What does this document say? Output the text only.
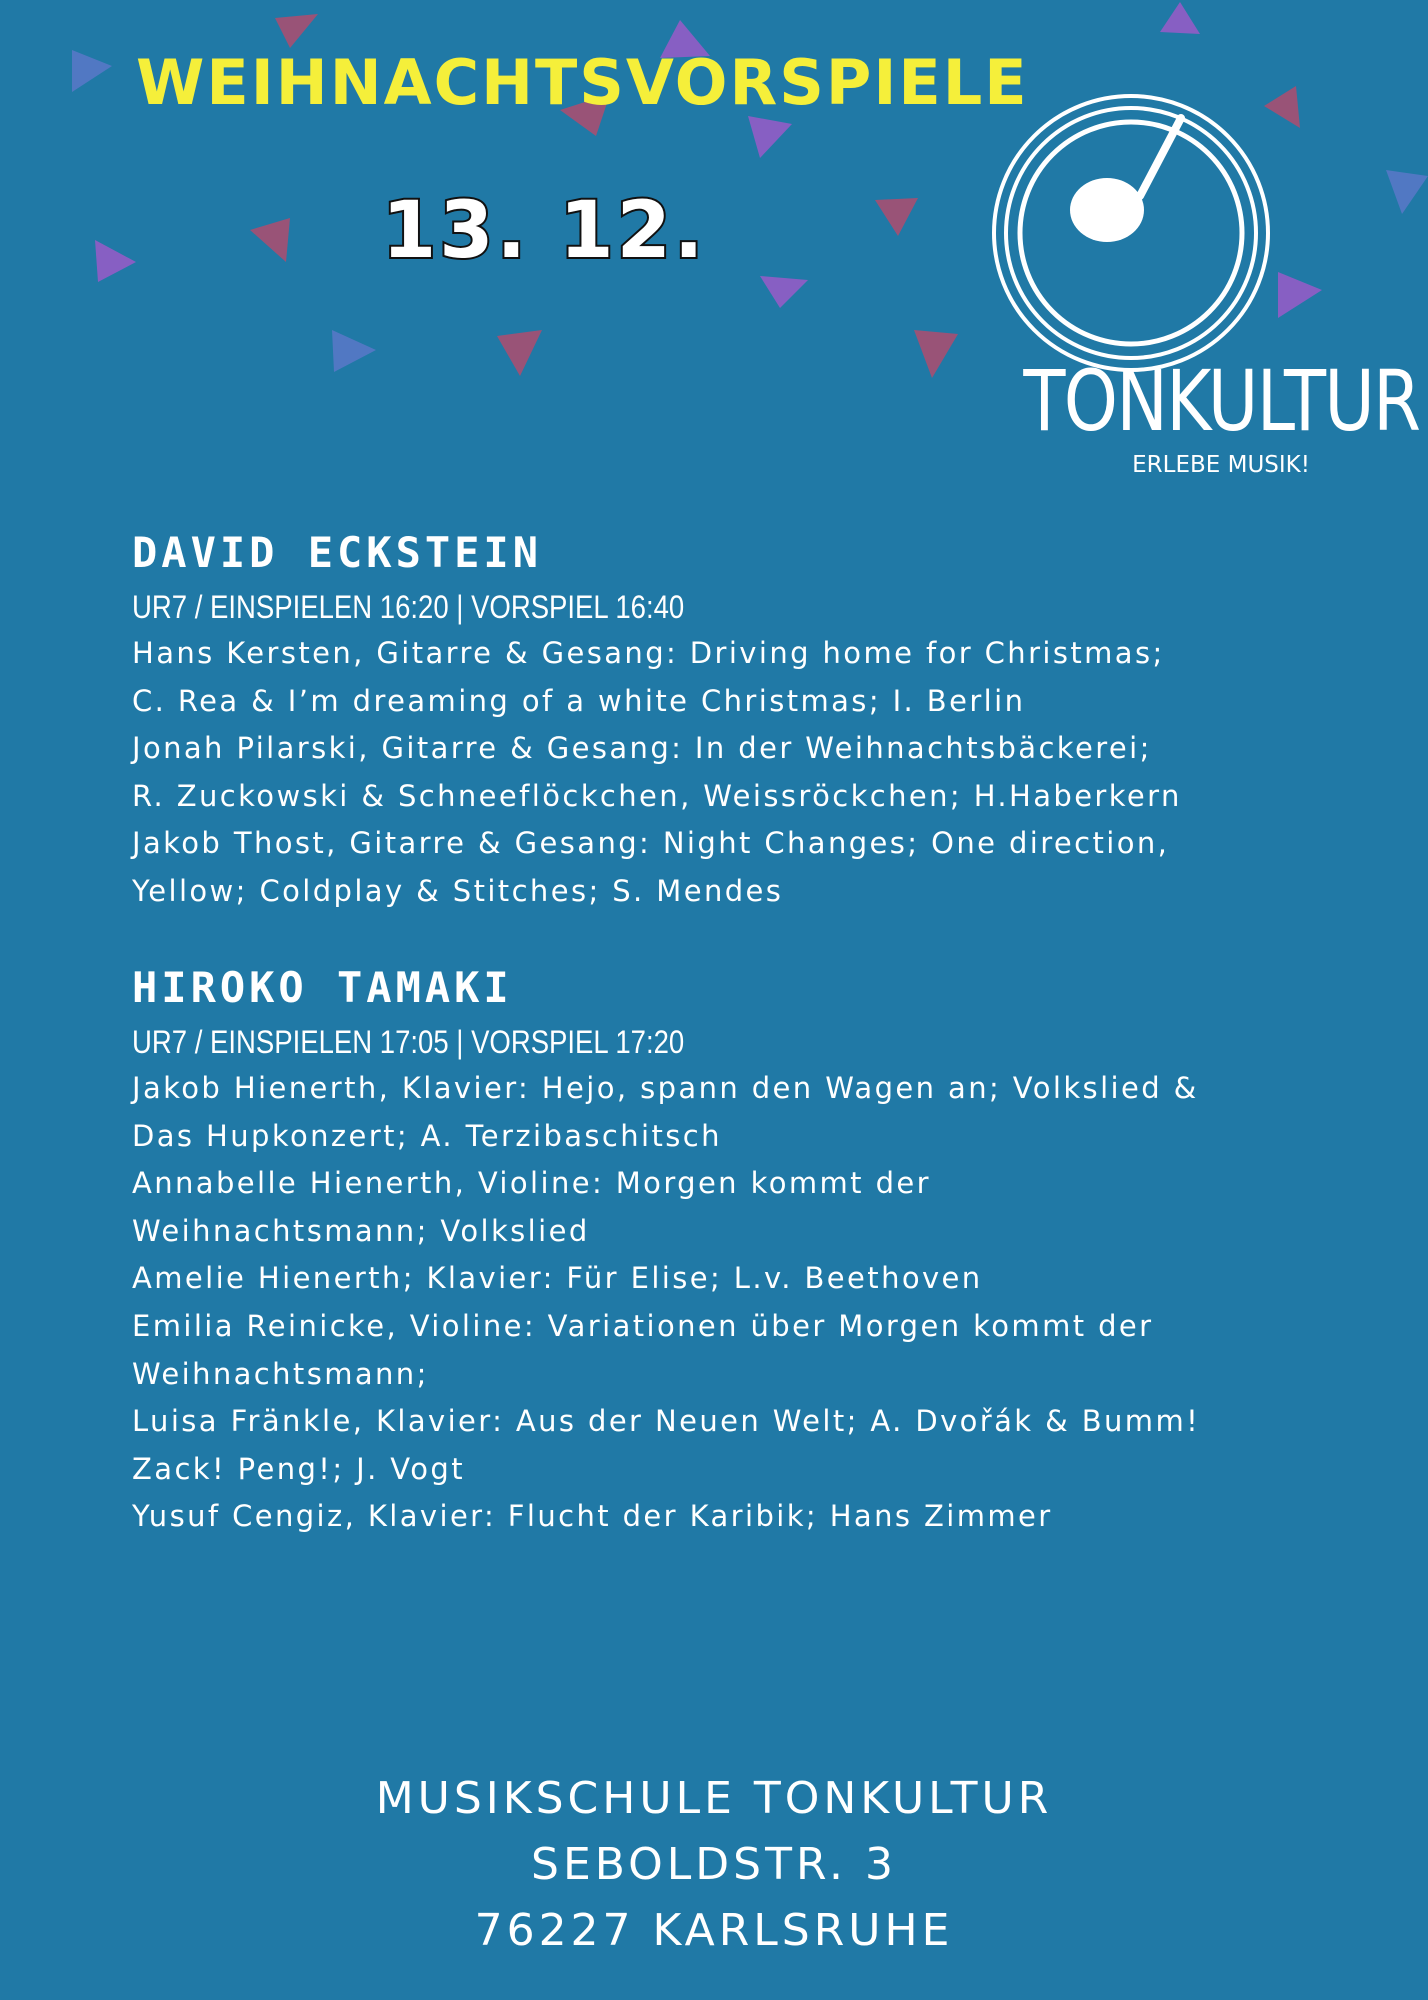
WEIHNACHTSVORSPIELE
13. 12.
TONKULTUR
ERLEBE MUSIK!
DAVID ECKSTEIN
UR7 / EINSPIELEN 16:20 | VORSPIEL 16:40

Hans Kersten, Gitarre & Gesang: Driving home for Christmas;

C. Rea & I’m dreaming of a white Christmas; I. Berlin

Jonah Pilarski, Gitarre & Gesang: In der Weihnachtsbäckerei;

R. Zuckowski & Schneeflöckchen, Weissröckchen; H.Haberkern

Jakob Thost, Gitarre & Gesang: Night Changes; One direction,

Yellow; Coldplay & Stitches; S. Mendes

HIROKO TAMAKI
UR7 / EINSPIELEN 17:05 | VORSPIEL 17:20

Jakob Hienerth, Klavier: Hejo, spann den Wagen an; Volkslied &

Das Hupkonzert; A. Terzibaschitsch

Annabelle Hienerth, Violine: Morgen kommt der

Weihnachtsmann; Volkslied

Amelie Hienerth; Klavier: Für Elise; L.v. Beethoven

Emilia Reinicke, Violine: Variationen über Morgen kommt der

Weihnachtsmann;

Luisa Fränkle, Klavier: Aus der Neuen Welt; A. Dvořák & Bumm!

Zack! Peng!; J. Vogt

Yusuf Cengiz, Klavier: Flucht der Karibik; Hans Zimmer

MUSIKSCHULE TONKULTUR
SEBOLDSTR. 3
76227 KARLSRUHE
